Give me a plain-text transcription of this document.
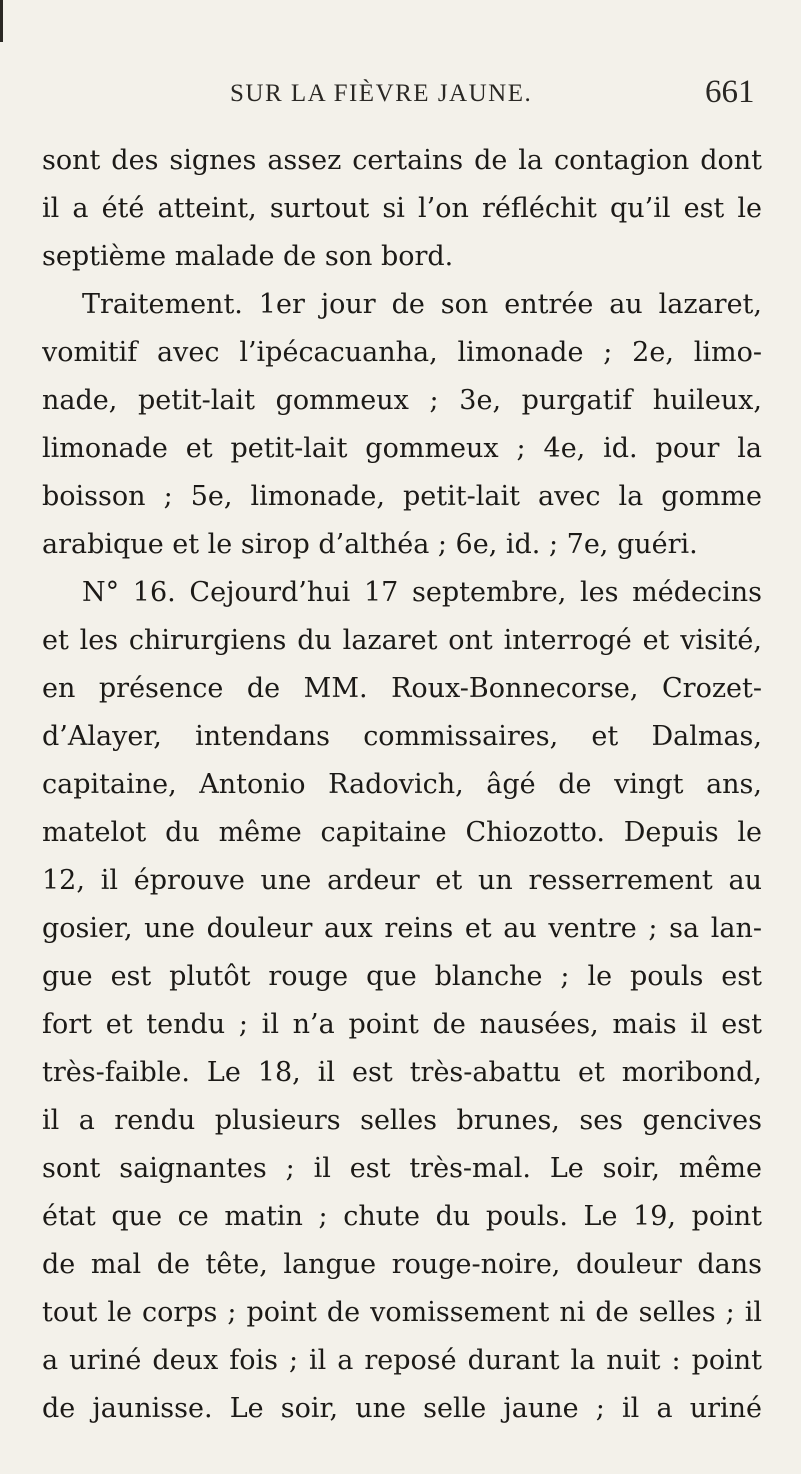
SUR LA FIÈVRE JAUNE.	661
sont des signes assez certains de la contagion dont
il a été atteint, surtout si l’on réfléchit qu’il est le
septième malade de son bord.
Traitement. 1er jour de son entrée au lazaret,
vomitif avec l’ipécacuanha, limonade ; 2e, limo-
nade, petit-lait gommeux ; 3e, purgatif huileux,
limonade et petit-lait gommeux ; 4e, id. pour la
boisson ; 5e, limonade, petit-lait avec la gomme
arabique et le sirop d’althéa ; 6e, id. ; 7e, guéri.
N° 16. Cejourd’hui 17 septembre, les médecins
et les chirurgiens du lazaret ont interrogé et visité,
en présence de MM. Roux-Bonnecorse, Crozet-
d’Alayer, intendans commissaires, et Dalmas,
capitaine, Antonio Radovich, âgé de vingt ans,
matelot du même capitaine Chiozotto. Depuis le
12, il éprouve une ardeur et un resserrement au
gosier, une douleur aux reins et au ventre ; sa lan-
gue est plutôt rouge que blanche ; le pouls est
fort et tendu ; il n’a point de nausées, mais il est
très-faible. Le 18, il est très-abattu et moribond,
il a rendu plusieurs selles brunes, ses gencives
sont saignantes ; il est très-mal. Le soir, même
état que ce matin ; chute du pouls. Le 19, point
de mal de tête, langue rouge-noire, douleur dans
tout le corps ; point de vomissement ni de selles ; il
a uriné deux fois ; il a reposé durant la nuit : point
de jaunisse. Le soir, une selle jaune ; il a uriné
